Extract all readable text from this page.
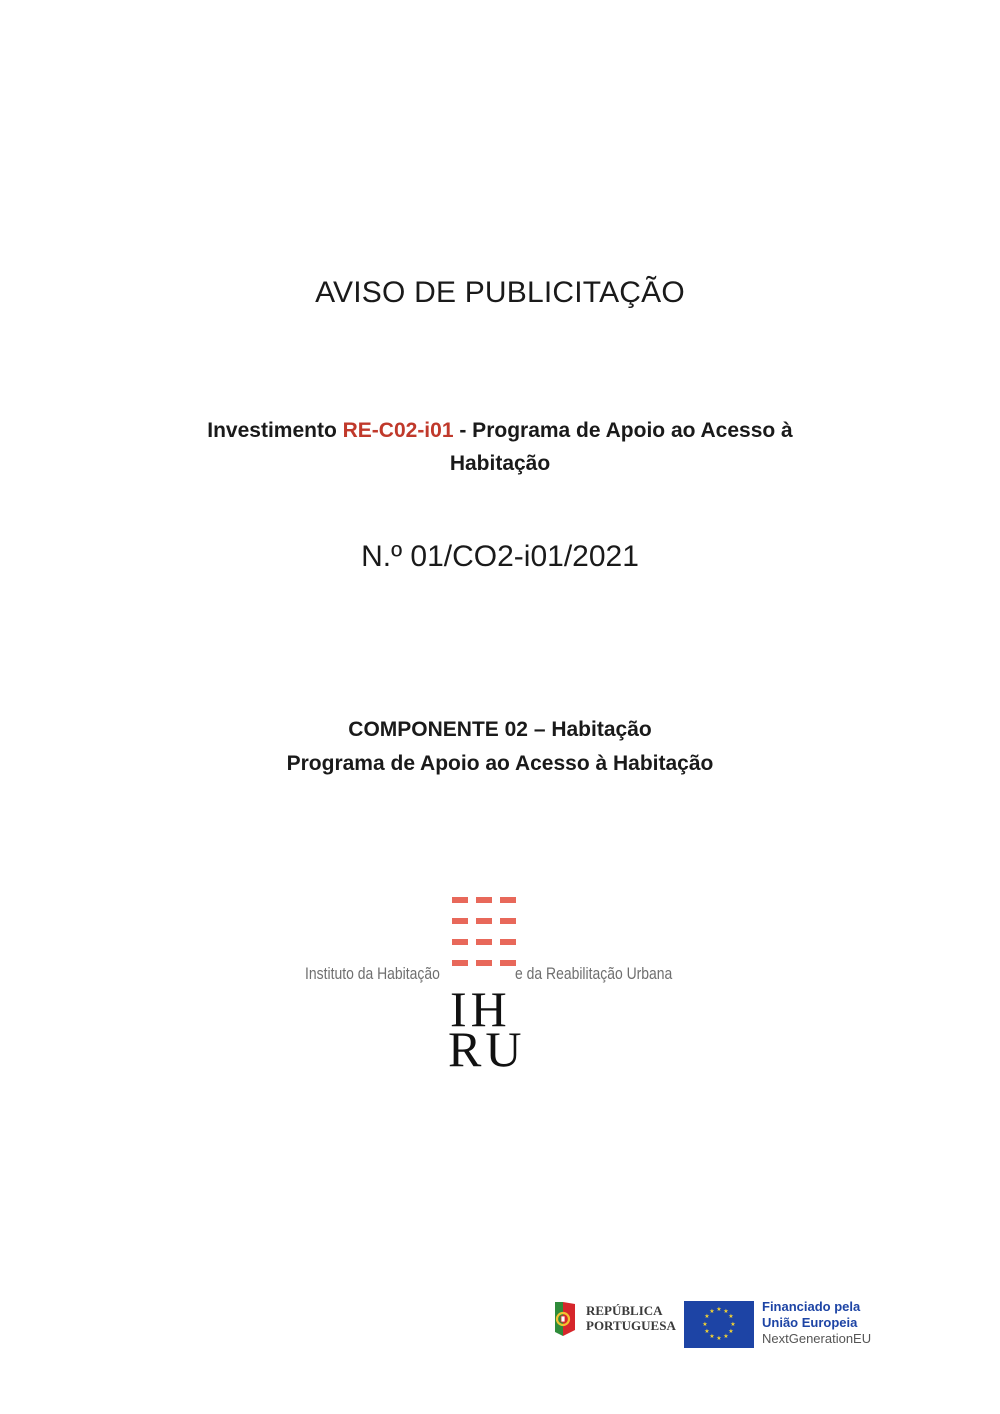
AVISO DE PUBLICITAÇÃO
Investimento RE-C02-i01 - Programa de Apoio ao Acesso à
Habitação
N.º 01/CO2-i01/2021
COMPONENTE 02 – Habitação
Programa de Apoio ao Acesso à Habitação
Instituto da Habitação	e da Reabilitação Urbana
IH
RU
REPÚBLICA
PORTUGUESA
★ ★
★
★
★
★
★
★
★
★
★
★	Financiado pela
União Europeia
NextGenerationEU
